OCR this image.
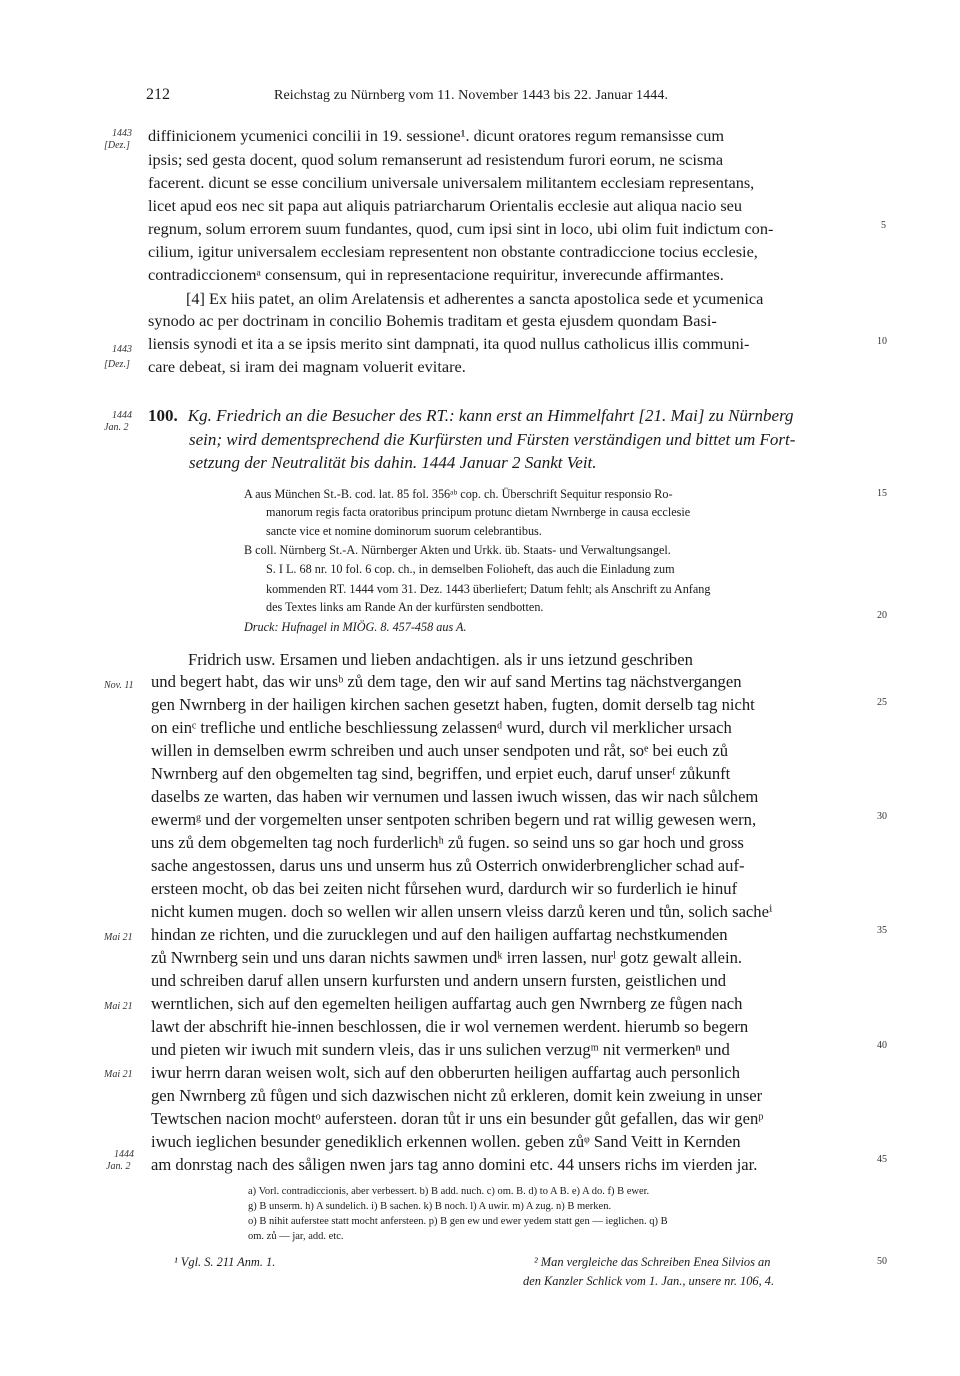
212	Reichstag zu Nürnberg vom 11. November 1443 bis 22. Januar 1444.
diffinicionem ycumenici concilii in 19. sessione¹. dicunt oratores regum remansisse cum
ipsis; sed gesta docent, quod solum remanserunt ad resistendum furori eorum, ne scisma
facerent. dicunt se esse concilium universale universalem militantem ecclesiam representans,
licet apud eos nec sit papa aut aliquis patriarcharum Orientalis ecclesie aut aliqua nacio seu
regnum, solum errorem suum fundantes, quod, cum ipsi sint in loco, ubi olim fuit indictum con-
cilium, igitur universalem ecclesiam representent non obstante contradiccione tocius ecclesie,
contradiccionemᵃ consensum, qui in representacione requiritur, inverecunde affirmantes.
[4] Ex hiis patet, an olim Arelatensis et adherentes a sancta apostolica sede et ycumenica
synodo ac per doctrinam in concilio Bohemis traditam et gesta ejusdem quondam Basi-
liensis synodi et ita a se ipsis merito sint dampnati, ita quod nullus catholicus illis communi-
care debeat, si iram dei magnam voluerit evitare.
1443
[Dez.]
1443
[Dez.]
5
10
15
20
25
30
35
40
45
50
1444
Jan. 2
100. Kg. Friedrich an die Besucher des RT.: kann erst an Himmelfahrt [21. Mai] zu Nürnberg
sein; wird dementsprechend die Kurfürsten und Fürsten verständigen und bittet um Fort-
setzung der Neutralität bis dahin. 1444 Januar 2 Sankt Veit.
A aus München St.-B. cod. lat. 85 fol. 356ᵃᵇ cop. ch. Überschrift Sequitur responsio Ro-
manorum regis facta oratoribus principum protunc dietam Nwrnberge in causa ecclesie
sancte vice et nomine dominorum suorum celebrantibus.
B coll. Nürnberg St.-A. Nürnberger Akten und Urkk. üb. Staats- und Verwaltungsangel.
S. I L. 68 nr. 10 fol. 6 cop. ch., in demselben Folioheft, das auch die Einladung zum
kommenden RT. 1444 vom 31. Dez. 1443 überliefert; Datum fehlt; als Anschrift zu Anfang
des Textes links am Rande An der kurfürsten sendbotten.
Druck: Hufnagel in MIÖG. 8. 457-458 aus A.
Fridrich usw. Ersamen und lieben andachtigen. als ir uns ietzund geschriben
und begert habt, das wir unsᵇ zů dem tage, den wir auf sand Mertins tag nächstvergangen
gen Nwrnberg in der hailigen kirchen sachen gesetzt haben, fugten, domit derselb tag nicht
on einᶜ trefliche und entliche beschliessung zelassenᵈ wurd, durch vil merklicher ursach
willen in demselben ewrm schreiben und auch unser sendpoten und råt, soᵉ bei euch zů
Nwrnberg auf den obgemelten tag sind, begriffen, und erpiet euch, daruf unserᶠ zůkunft
daselbs ze warten, das haben wir vernumen und lassen iwuch wissen, das wir nach sůlchem
ewermᵍ und der vorgemelten unser sentpoten schriben begern und rat willig gewesen wern,
uns zů dem obgemelten tag noch furderlichʰ zů fugen. so seind uns so gar hoch und gross
sache angestossen, darus uns und unserm hus zů Osterrich onwiderbrenglicher schad auf-
ersteen mocht, ob das bei zeiten nicht fůrsehen wurd, dardurch wir so furderlich ie hinuf
nicht kumen mugen. doch so wellen wir allen unsern vleiss darzů keren und tůn, solich sacheⁱ
hindan ze richten, und die zurucklegen und auf den hailigen auffartag nechstkumenden
zů Nwrnberg sein und uns daran nichts sawmen undᵏ irren lassen, nurˡ gotz gewalt allein.
und schreiben daruf allen unsern kurfursten und andern unsern fursten, geistlichen und
werntlichen, sich auf den egemelten heiligen auffartag auch gen Nwrnberg ze fůgen nach
lawt der abschrift hie-innen beschlossen, die ir wol vernemen werdent. hierumb so begern
und pieten wir iwuch mit sundern vleis, das ir uns sulichen verzugᵐ nit vermerkenⁿ und
iwur herrn daran weisen wolt, sich auf den obberurten heiligen auffartag auch personlich
gen Nwrnberg zů fůgen und sich dazwischen nicht zů erkleren, domit kein zweiung in unser
Tewtschen nacion mochtᵒ aufersteen. doran tůt ir uns ein besunder gůt gefallen, das wir genᵖ
iwuch ieglichen besunder genediklich erkennen wollen. geben zůᵠ Sand Veitt in Kernden
am donrstag nach des såligen nwen jars tag anno domini etc. 44 unsers richs im vierden jar.
Nov. 11
Mai 21
Mai 21
Mai 21
1444
Jan. 2
a) Vorl. contradiccionis, aber verbessert. b) B add. nuch. c) om. B. d) to A B. e) A do. f) B ewer.
g) B unserm. h) A sundelich. i) B sachen. k) B noch. l) A uwir. m) A zug. n) B merken.
o) B nihit auferstee statt mocht anfersteen. p) B gen ew und ewer yedem statt gen — ieglichen. q) B
om. zů — jar, add. etc.
¹ Vgl. S. 211 Anm. 1.	² Man vergleiche das Schreiben Enea Silvios an
den Kanzler Schlick vom 1. Jan., unsere nr. 106, 4.
